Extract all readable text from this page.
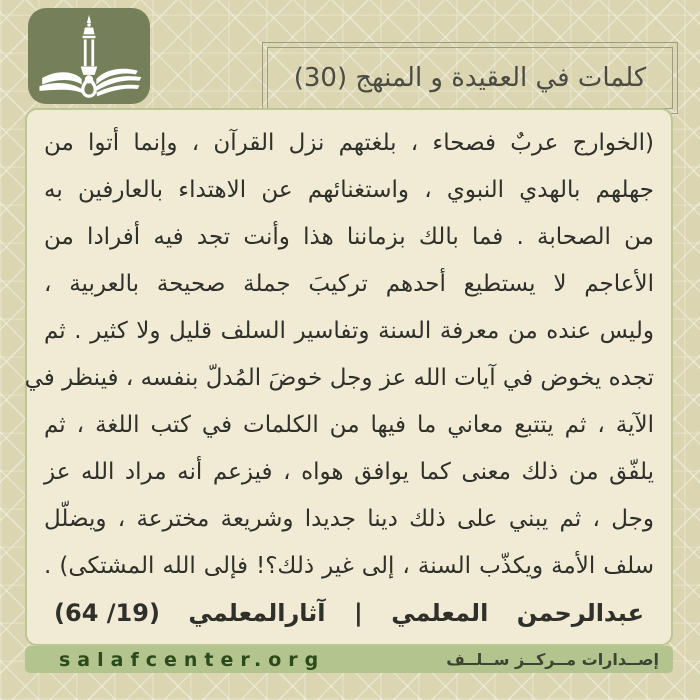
كلمات في العقيدة و المنهج (30)
(الخوارج عربٌ فصحاء ، بلغتهم نزل القرآن ، وإنما أتوا من
جهلهم بالهدي النبوي ، واستغنائهم عن الاهتداء بالعارفين به
من الصحابة . فما بالك بزماننا هذا وأنت تجد فيه أفرادا من
الأعاجم لا يستطيع أحدهم تركيبَ جملة صحيحة بالعربية ،
وليس عنده من معرفة السنة وتفاسير السلف قليل ولا كثير . ثم
تجده يخوض في آيات الله عز وجل خوضَ المُدلّ بنفسه ، فينظر في
الآية ، ثم يتتبع معاني ما فيها من الكلمات في كتب اللغة ، ثم
يلفّق من ذلك معنى كما يوافق هواه ، فيزعم أنه مراد الله عز
وجل ، ثم يبني على ذلك دينا جديدا وشريعة مخترعة ، ويضلّل
سلف الأمة ويكذّب السنة ، إلى غير ذلك؟! فإلى الله المشتكى) .
عبدالرحمن
المعلمي
|
آثارالمعلمي
(19/ 64)
salafcenter.org	إصــدارات مــركــز ســلــف
